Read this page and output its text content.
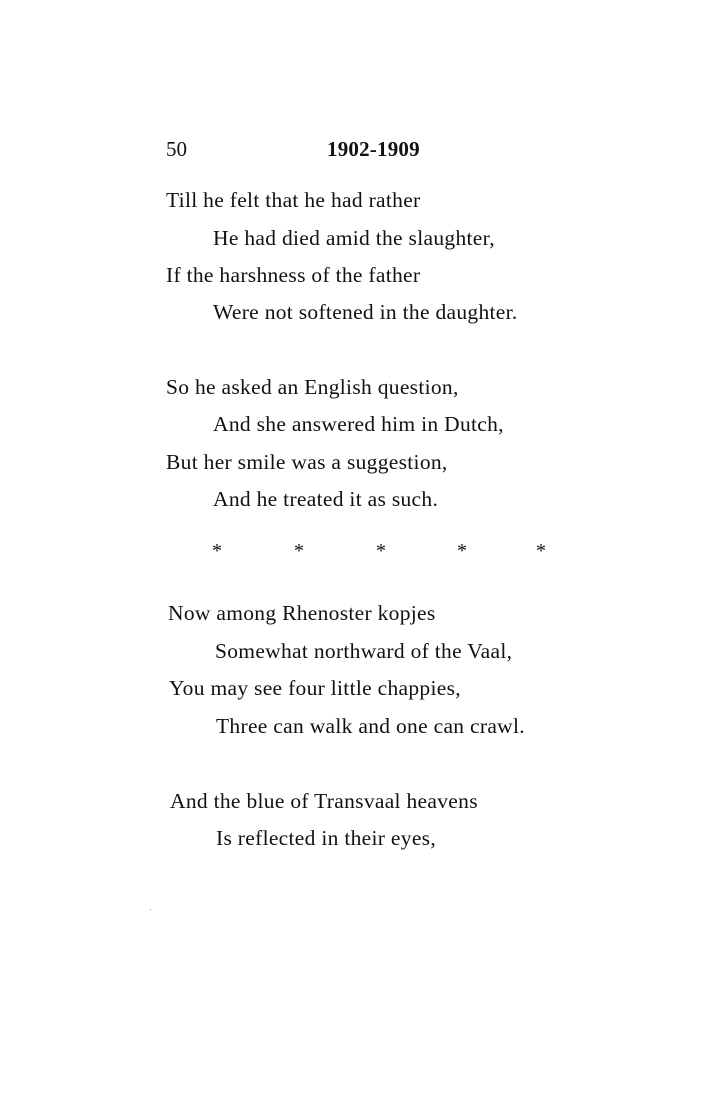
50	1902-1909
Till he felt that he had rather
He had died amid the slaughter,
If the harshness of the father
Were not softened in the daughter.
So he asked an English question,
And she answered him in Dutch,
But her smile was a suggestion,
And he treated it as such.
*	*	*	*	*
Now among Rhenoster kopjes
Somewhat northward of the Vaal,
You may see four little chappies,
Three can walk and one can crawl.
And the blue of Transvaal heavens
Is reflected in their eyes,
